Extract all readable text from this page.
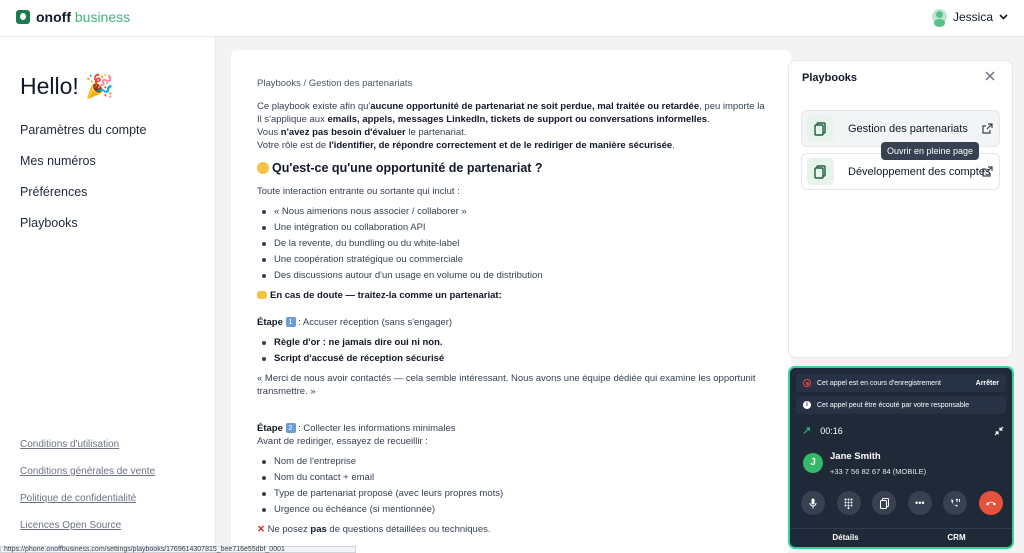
onoff business	Jessica
Hello! 🎉
Paramètres du compte
Mes numéros
Préférences
Playbooks
Conditions d'utilisation
Conditions générales de vente
Politique de confidentialité
Licences Open Source
Playbooks / Gestion des partenariats

Ce playbook existe afin qu'aucune opportunité de partenariat ne soit perdue, mal traitée ou retardée, peu importe la

Il s'applique aux emails, appels, messages LinkedIn, tickets de support ou conversations informelles.

Vous n'avez pas besoin d'évaluer le partenariat.

Votre rôle est de l'identifier, de répondre correctement et de le rediriger de manière sécurisée.

Qu'est-ce qu'une opportunité de partenariat ?

Toute interaction entrante ou sortante qui inclut :

« Nous aimerions nous associer / collaborer »
Une intégration ou collaboration API
De la revente, du bundling ou du white-label
Une coopération stratégique ou commerciale
Des discussions autour d'un usage en volume ou de distribution

En cas de doute — traitez-la comme un partenariat:

Étape 1 : Accuser réception (sans s'engager)

Règle d'or : ne jamais dire oui ni non.
Script d'accusé de réception sécurisé

« Merci de nous avoir contactés — cela semble intéressant. Nous avons une équipe dédiée qui examine les opportunit

transmettre. »

Étape 2 : Collecter les informations minimales

Avant de rediriger, essayez de recueillir :

Nom de l'entreprise
Nom du contact + email
Type de partenariat proposé (avec leurs propres mots)
Urgence ou échéance (si mentionnée)

✕ Ne posez pas de questions détaillées ou techniques.

https://phone.onoffbusiness.com/settings/playbooks/1769614307815_bee716e55dbf_0001
Playbooks
Gestion des partenariats
Développement des comptes
Ouvrir en pleine page
Cet appel est en cours d'enregistrement	Arrêter
i	Cet appel peut être écouté par votre responsable
↗ 00:16
J
Jane Smith
+33 7 56 82 67 84 (MOBILE)
•••
Détails	CRM
